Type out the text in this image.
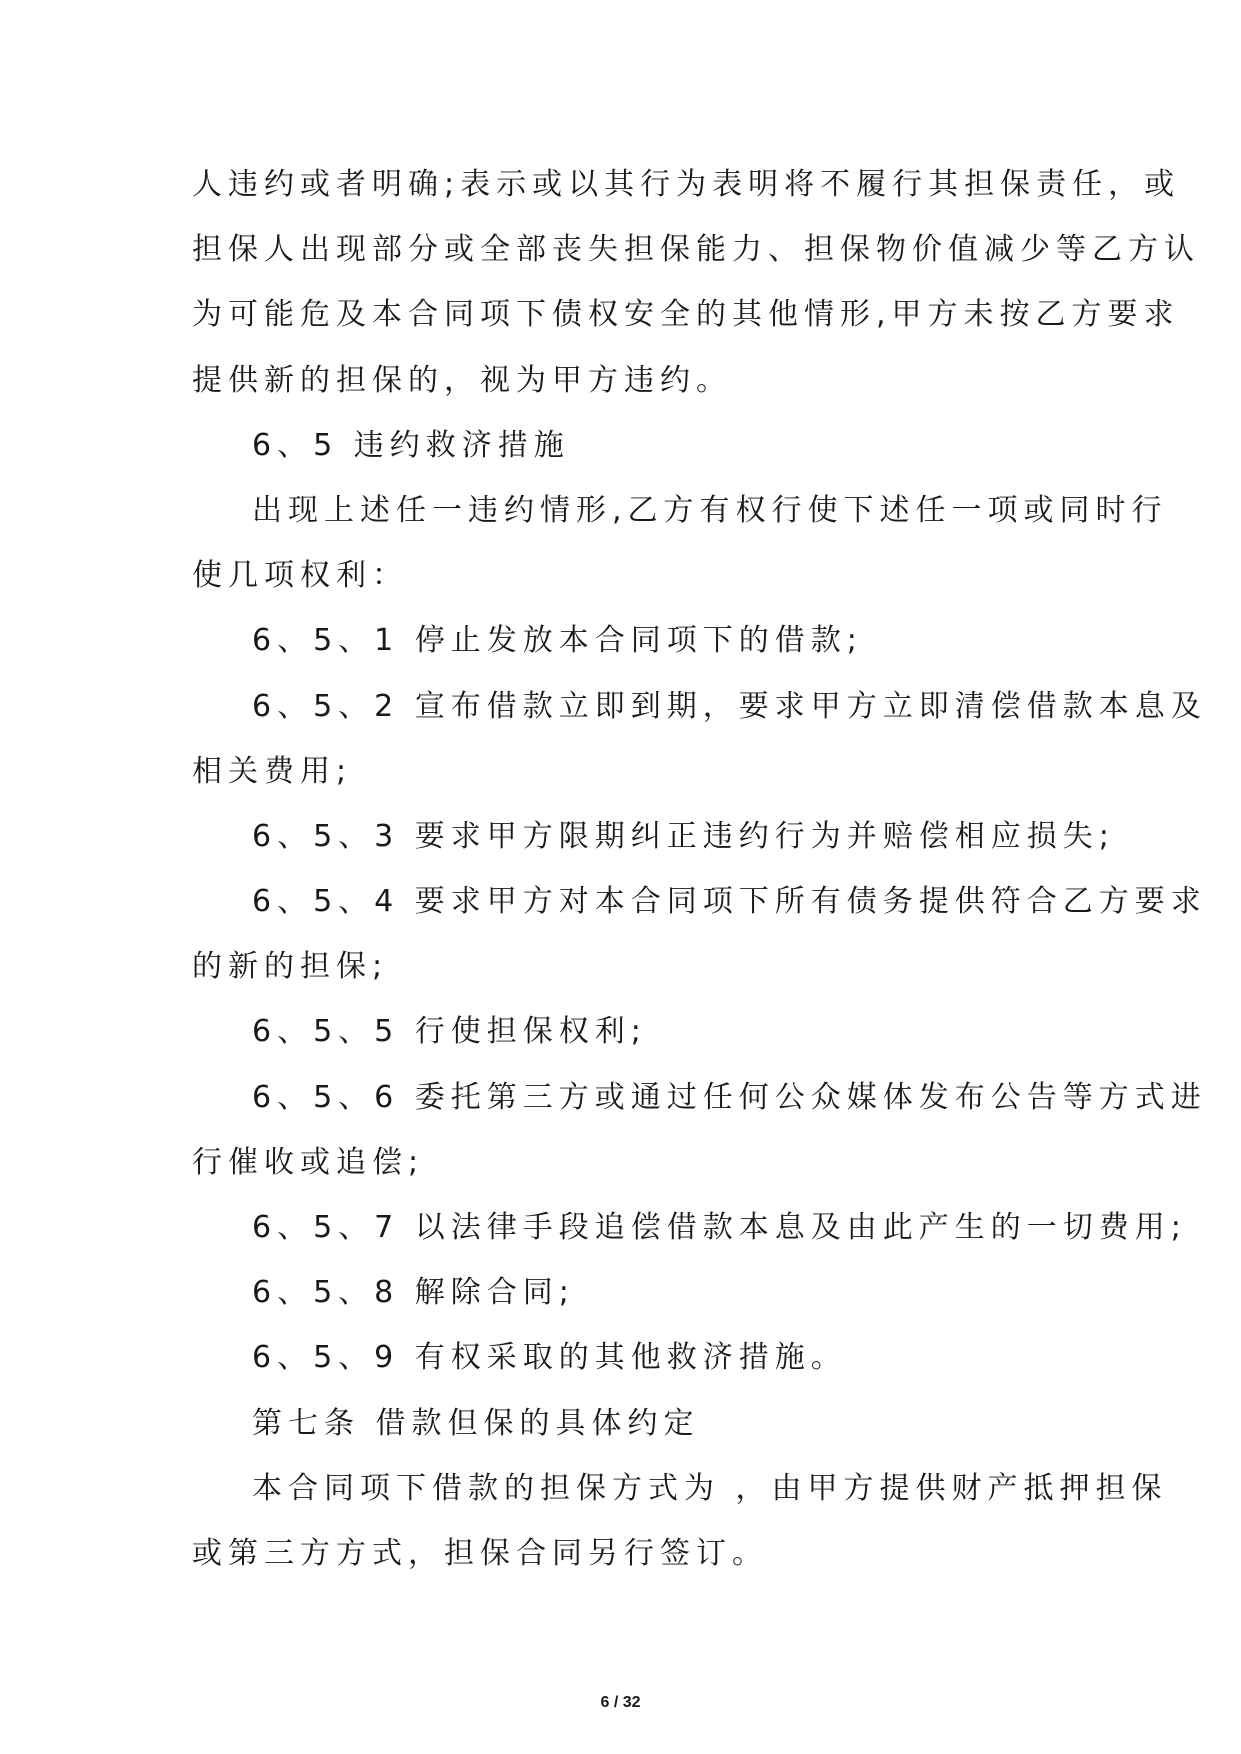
人违约或者明确;表示或以其行为表明将不履行其担保责任，或
担保人出现部分或全部丧失担保能力、担保物价值减少等乙方认
为可能危及本合同项下债权安全的其他情形,甲方未按乙方要求
提供新的担保的，视为甲方违约。
6、5 违约救济措施
出现上述任一违约情形,乙方有权行使下述任一项或同时行
使几项权利：
6、5、1 停止发放本合同项下的借款;
6、5、2 宣布借款立即到期，要求甲方立即清偿借款本息及
相关费用;
6、5、3 要求甲方限期纠正违约行为并赔偿相应损失;
6、5、4 要求甲方对本合同项下所有债务提供符合乙方要求
的新的担保;
6、5、5 行使担保权利;
6、5、6 委托第三方或通过任何公众媒体发布公告等方式进
行催收或追偿;
6、5、7 以法律手段追偿借款本息及由此产生的一切费用;
6、5、8 解除合同;
6、5、9 有权采取的其他救济措施。
第七条 借款但保的具体约定
本合同项下借款的担保方式为 ，由甲方提供财产抵押担保
或第三方方式，担保合同另行签订。
6 / 32
